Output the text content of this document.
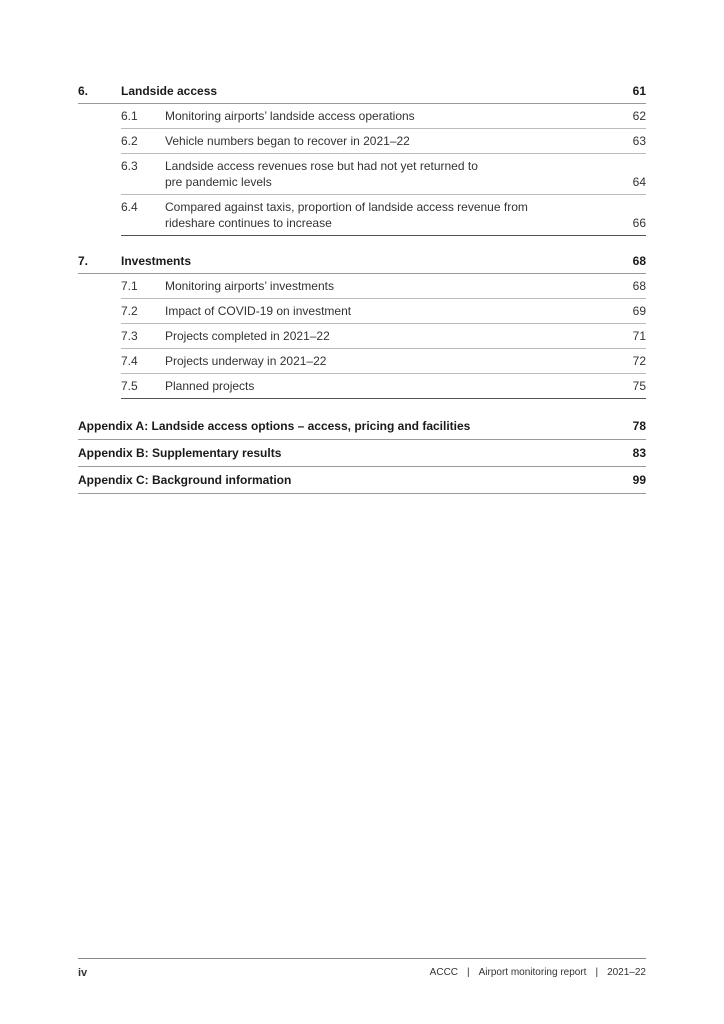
6.	Landside access	61
6.1	Monitoring airports’ landside access operations	62
6.2	Vehicle numbers began to recover in 2021–22	63
6.3	Landside access revenues rose but had not yet returned to
pre pandemic levels	64
6.4	Compared against taxis, proportion of landside access revenue from
rideshare continues to increase	66
7.	Investments	68
7.1	Monitoring airports’ investments	68
7.2	Impact of COVID-19 on investment	69
7.3	Projects completed in 2021–22	71
7.4	Projects underway in 2021–22	72
7.5	Planned projects	75
Appendix A: Landside access options – access, pricing and facilities	78
Appendix B: Supplementary results	83
Appendix C: Background information	99
iv	ACCC | Airport monitoring report | 2021–22
